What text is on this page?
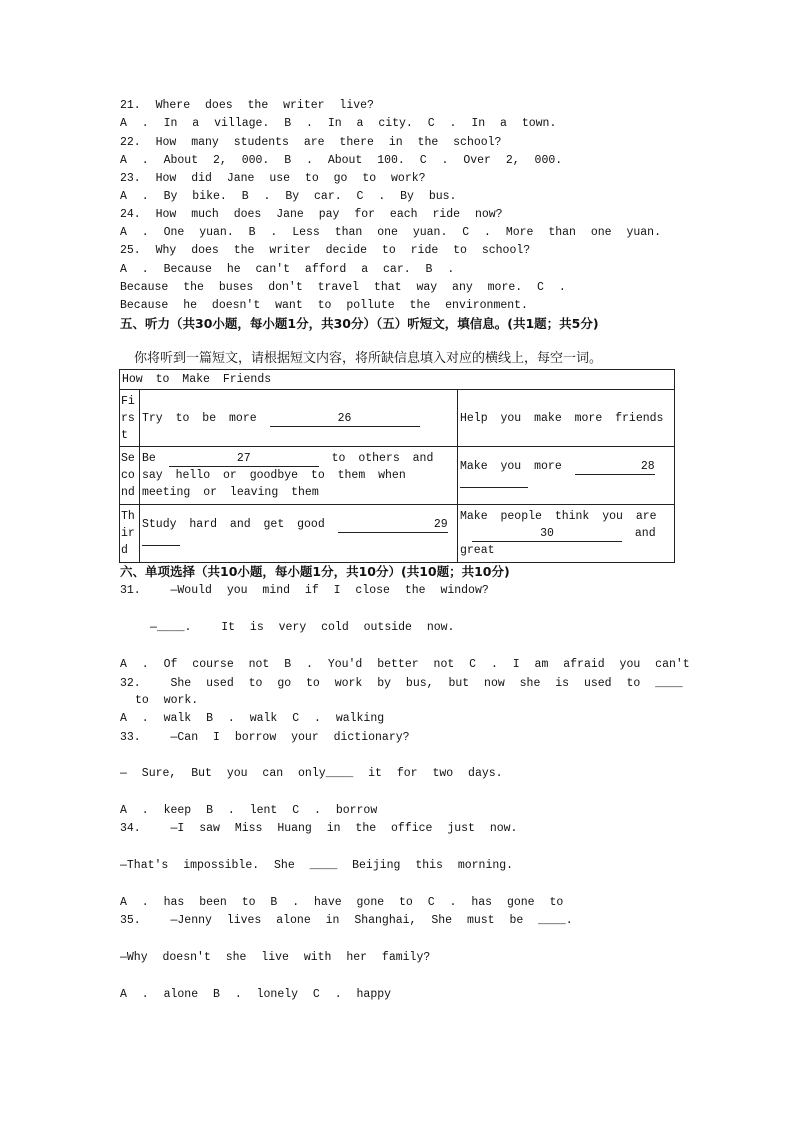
21. Where does the writer live?
A . In a village. B . In a city. C . In a town.
22. How many students are there in the school?
A . About 2, 000. B . About 100. C . Over 2, 000.
23. How did Jane use to go to work?
A . By bike. B . By car. C . By bus.
24. How much does Jane pay for each ride now?
A . One yuan. B . Less than one yuan. C . More than one yuan.
25. Why does the writer decide to ride to school?
A . Because he can't afford a car. B .
Because the buses don't travel that way any more. C .
Because he doesn't want to pollute the environment.
五、听力（共30小题，每小题1分，共30分）（五）听短文，填信息。(共1题；共5分)
你将听到一篇短文，请根据短文内容，将所缺信息填入对应的横线上，每空一词。
How to Make Friends		
Fi
rs
t	Try to be more 26	Help you make more friends
Se
co
nd	Be 27 to others and say hello or goodbye to them when meeting or leaving them	Make you more 28

Th
ir
d	Study hard and get good 29	Make people think you are 30 and great
六、单项选择（共10小题，每小题1分，共10分）(共10题；共10分)
31.  —Would you mind if I close the window?
—____.  It is very cold outside now.
A . Of course not B . You'd better not C . I am afraid you can't
32.  She used to go to work by bus, but now she is used to ____
to work.
A . walk B . walk C . walking
33.  —Can I borrow your dictionary?
— Sure, But you can only____ it for two days.
A . keep B . lent C . borrow
34.  —I saw Miss Huang in the office just now.
—That's impossible. She ____ Beijing this morning.
A . has been to B . have gone to C . has gone to
35.  —Jenny lives alone in Shanghai, She must be ____.
—Why doesn't she live with her family?
A . alone B . lonely C . happy
